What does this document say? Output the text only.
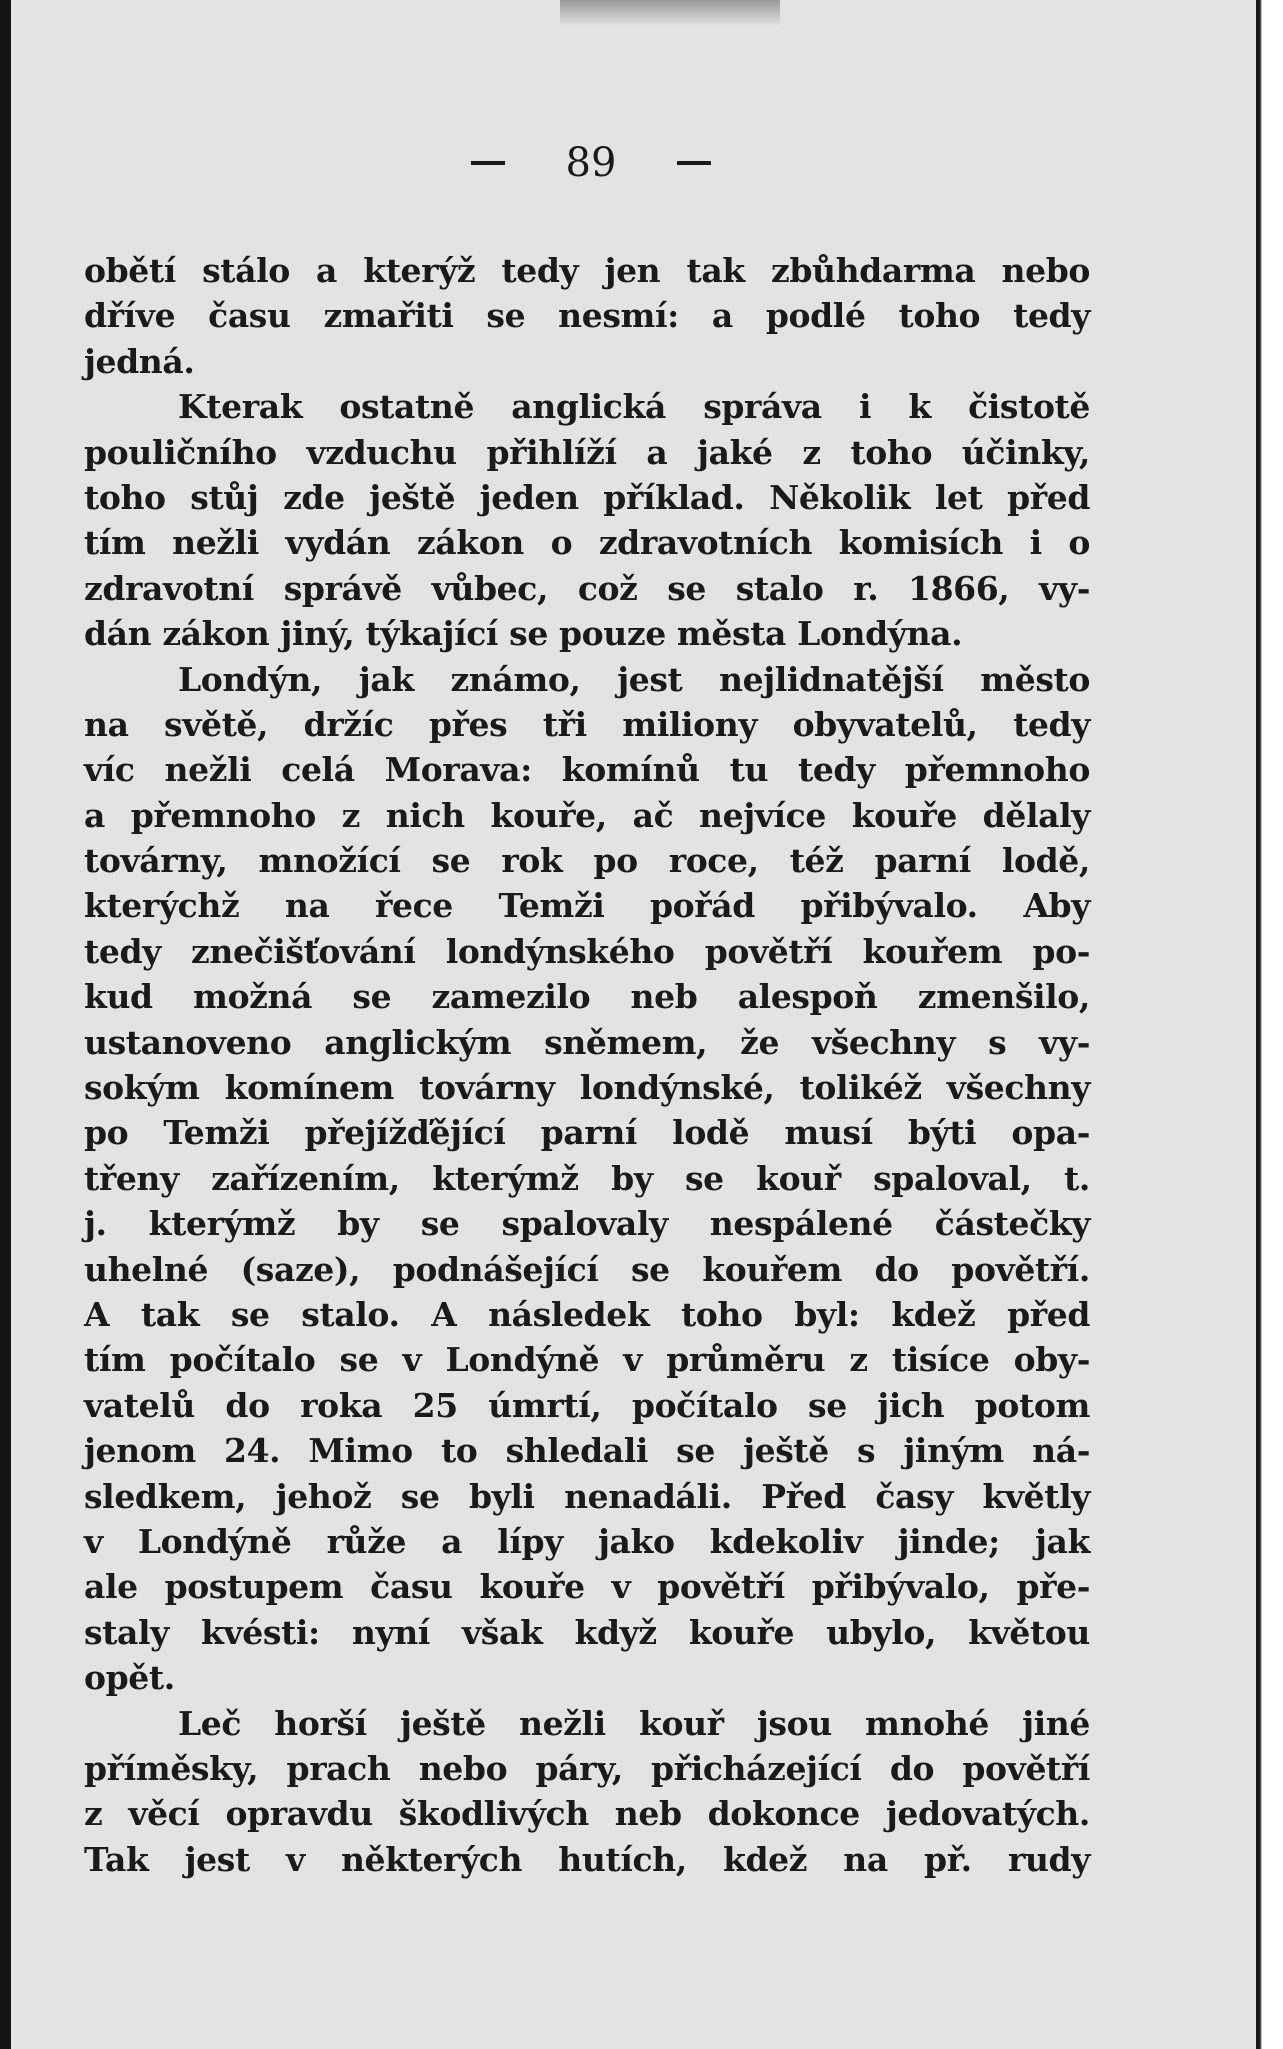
89
obětí stálo a kterýž tedy jen tak zbůhdarma nebo
dříve času zmařiti se nesmí: a podlé toho tedy
jedná.
Kterak ostatně anglická správa i k čistotě
pouličního vzduchu přihlíží a jaké z toho účinky,
toho stůj zde ještě jeden příklad. Několik let před
tím nežli vydán zákon o zdravotních komisích i o
zdravotní správě vůbec, což se stalo r. 1866, vy-
dán zákon jiný, týkající se pouze města Londýna.
Londýn, jak známo, jest nejlidnatější město
na světě, držíc přes tři miliony obyvatelů, tedy
víc nežli celá Morava: komínů tu tedy přemnoho
a přemnoho z nich kouře, ač nejvíce kouře dělaly
továrny, množící se rok po roce, též parní lodě,
kterýchž na řece Temži pořád přibývalo. Aby
tedy znečišťování londýnského povětří kouřem po-
kud možná se zamezilo neb alespoň zmenšilo,
ustanoveno anglickým sněmem, že všechny s vy-
sokým komínem továrny londýnské, tolikéž všechny
po Temži přejížďějící parní lodě musí býti opa-
třeny zařízením, kterýmž by se kouř spaloval, t.
j. kterýmž by se spalovaly nespálené částečky
uhelné (saze), podnášející se kouřem do povětří.
A tak se stalo. A následek toho byl: kdež před
tím počítalo se v Londýně v průměru z tisíce oby-
vatelů do roka 25 úmrtí, počítalo se jich potom
jenom 24. Mimo to shledali se ještě s jiným ná-
sledkem, jehož se byli nenadáli. Před časy květly
v Londýně růže a lípy jako kdekoliv jinde; jak
ale postupem času kouře v povětří přibývalo, pře-
staly kvésti: nyní však když kouře ubylo, květou
opět.
Leč horší ještě nežli kouř jsou mnohé jiné
příměsky, prach nebo páry, přicházející do povětří
z věcí opravdu škodlivých neb dokonce jedovatých.
Tak jest v některých hutích, kdež na př. rudy
